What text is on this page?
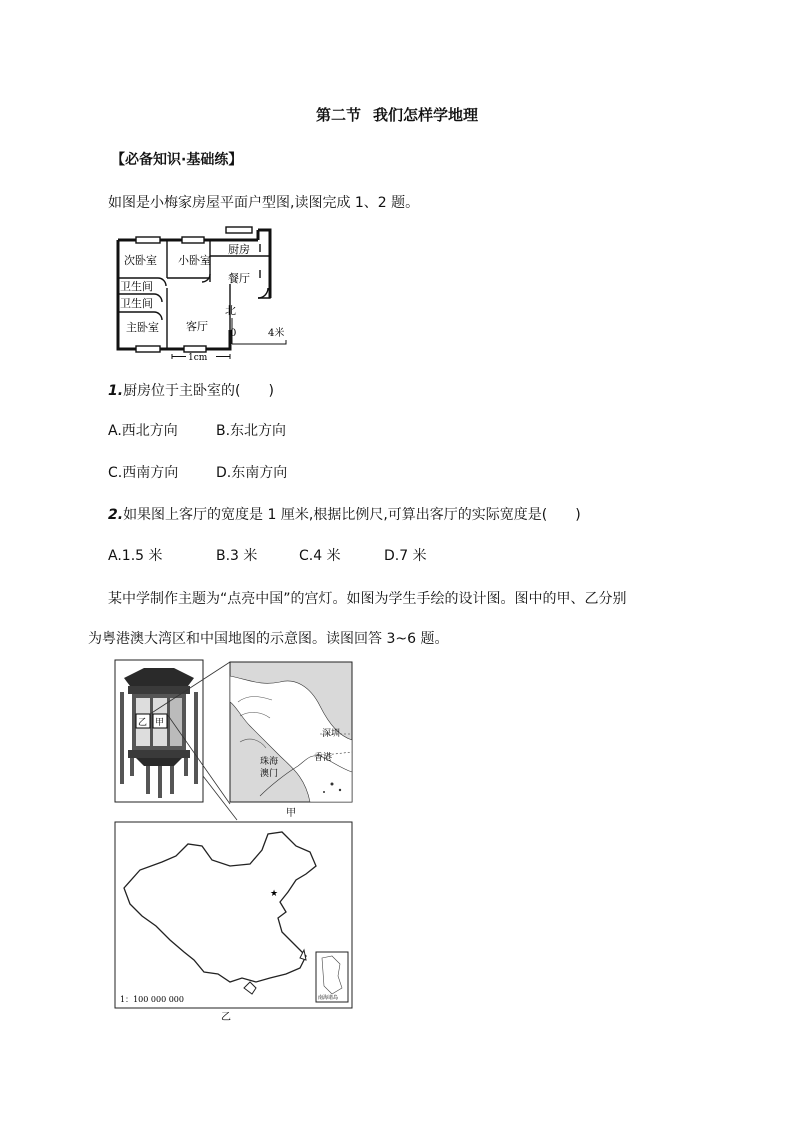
第二节 我们怎样学地理
【必备知识·基础练】
如图是小梅家房屋平面户型图,读图完成 1、2 题。
次卧室 小卧室
厨房
餐厅
卫生间
卫生间
主卧室 客厅
北
0	4米
1cm
1.厨房位于主卧室的(　　)
A.西北方向	B.东北方向
C.西南方向	D.东南方向
2.如果图上客厅的宽度是 1 厘米,根据比例尺,可算出客厅的实际宽度是(　　)
A.1.5 米	B.3 米	C.4 米	D.7 米
某中学制作主题为“点亮中国”的宫灯。如图为学生手绘的设计图。图中的甲、乙分别
为粤港澳大湾区和中国地图的示意图。读图回答 3~6 题。
乙 甲
深圳
珠海
澳门
香港
甲
★
南海诸岛
1：100 000 000
乙
